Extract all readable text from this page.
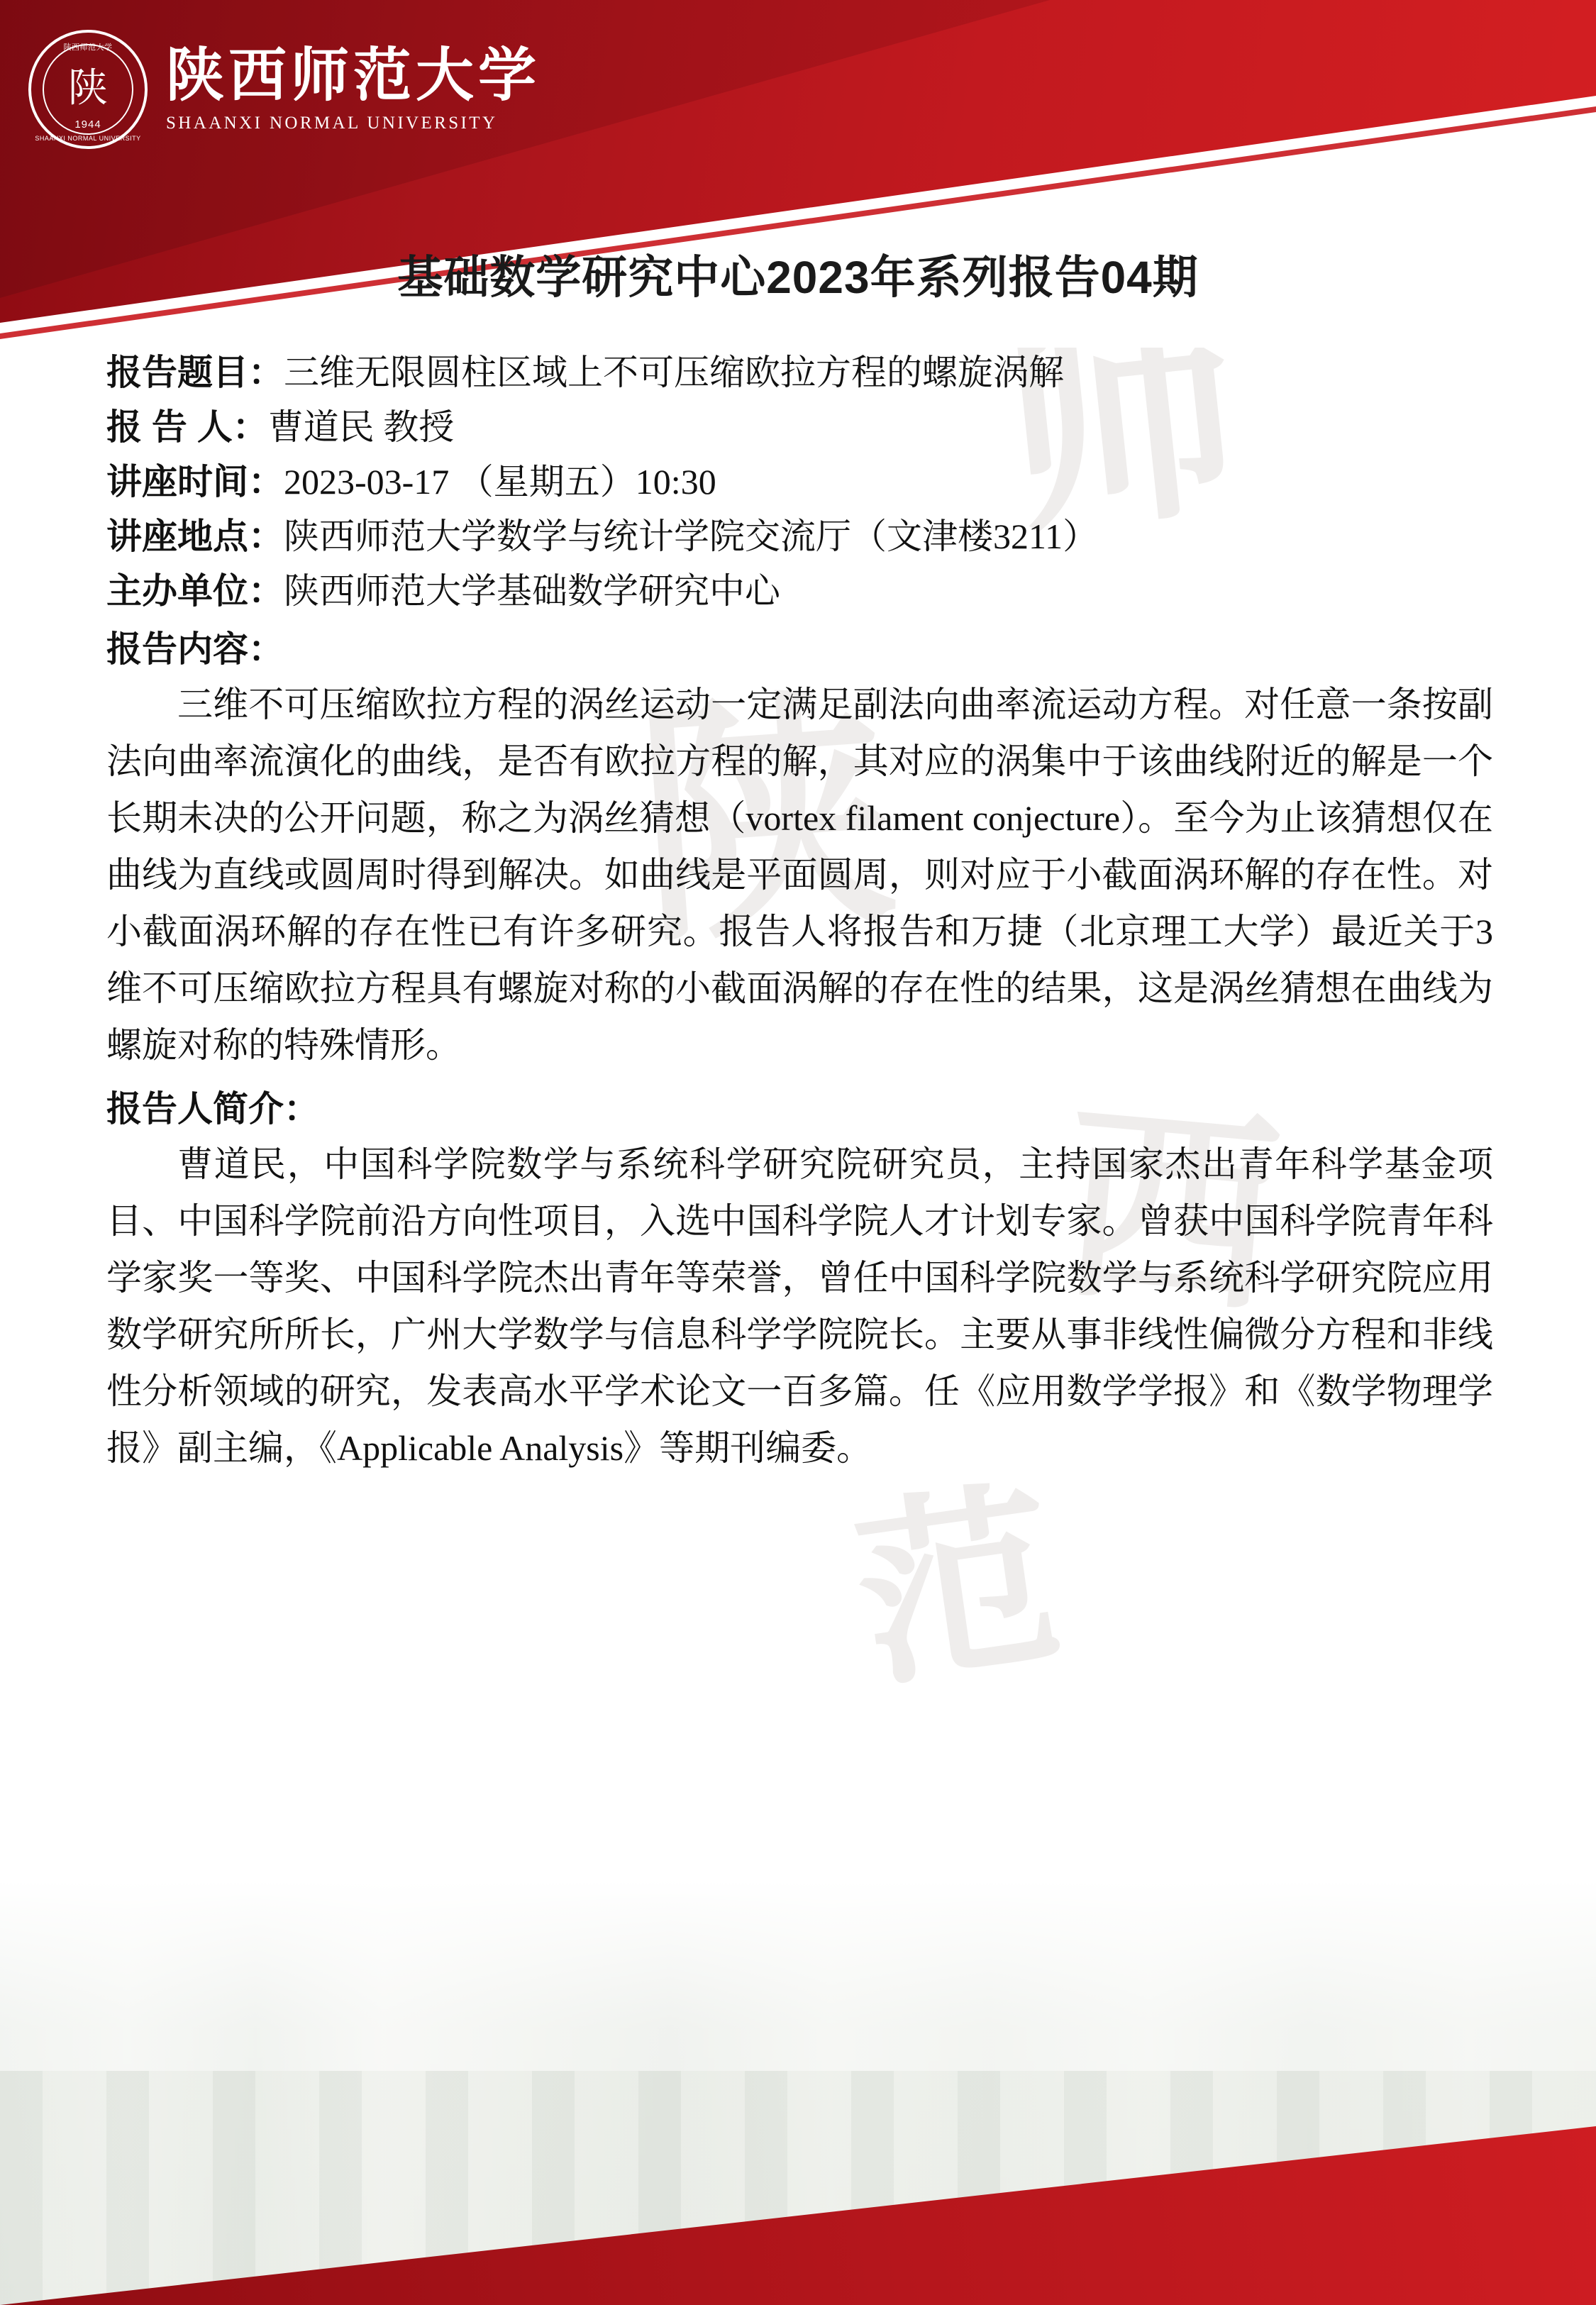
师
陕
西
范
陕西师范大学
陕
1944
SHAANXI NORMAL UNIVERSITY
陕西师范大学
SHAANXI NORMAL UNIVERSITY
基础数学研究中心2023年系列报告04期
报告题目： 三维无限圆柱区域上不可压缩欧拉方程的螺旋涡解
报 告 人： 曹道民 教授
讲座时间： 2023-03-17 （星期五）10:30
讲座地点： 陕西师范大学数学与统计学院交流厅（文津楼3211）
主办单位： 陕西师范大学基础数学研究中心
报告内容：
三维不可压缩欧拉方程的涡丝运动一定满足副法向曲率流运动方程。对任意一条按副法向曲率流演化的曲线，是否有欧拉方程的解，其对应的涡集中于该曲线附近的解是一个长期未决的公开问题，称之为涡丝猜想（vortex filament conjecture）。至今为止该猜想仅在曲线为直线或圆周时得到解决。如曲线是平面圆周，则对应于小截面涡环解的存在性。对小截面涡环解的存在性已有许多研究。报告人将报告和万捷（北京理工大学）最近关于3维不可压缩欧拉方程具有螺旋对称的小截面涡解的存在性的结果，这是涡丝猜想在曲线为螺旋对称的特殊情形。
报告人简介：
曹道民，中国科学院数学与系统科学研究院研究员，主持国家杰出青年科学基金项目、中国科学院前沿方向性项目，入选中国科学院人才计划专家。曾获中国科学院青年科学家奖一等奖、中国科学院杰出青年等荣誉，曾任中国科学院数学与系统科学研究院应用数学研究所所长，广州大学数学与信息科学学院院长。主要从事非线性偏微分方程和非线性分析领域的研究，发表高水平学术论文一百多篇。任《应用数学学报》和《数学物理学报》副主编，《Applicable Analysis》等期刊编委。
